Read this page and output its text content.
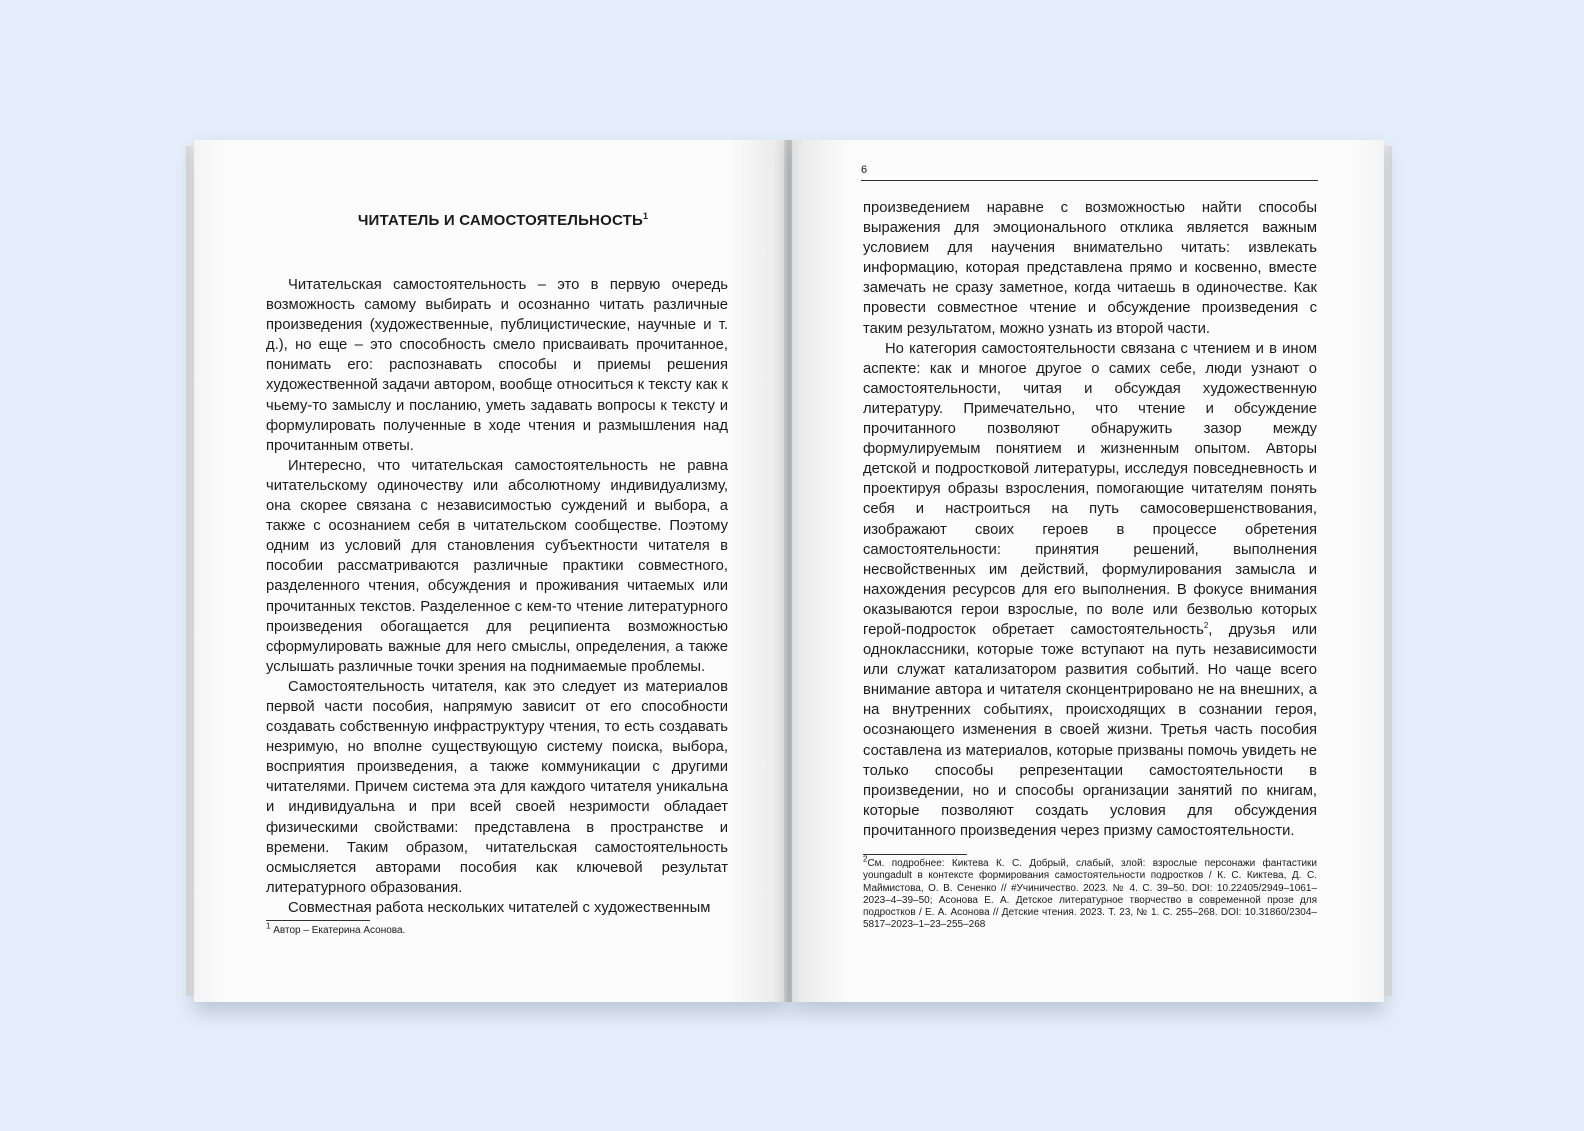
ЧИТАТЕЛЬ И САМОСТОЯТЕЛЬНОСТЬ$^1$

Читательская самостоятельность – это в первую очередь возможность самому выбирать и осознанно читать различные произведения (художественные, публицистические, научные и т. д.), но еще – это способность смело присваивать прочитанное, понимать его: распознавать способы и приемы решения художественной задачи автором, вообще относиться к тексту как к чьему-то замыслу и посланию, уметь задавать вопросы к тексту и формулировать полученные в ходе чтения и размышления над прочитанным ответы.

Интересно, что читательская самостоятельность не равна читательскому одиночеству или абсолютному индивидуализму, она скорее связана с независимостью суждений и выбора, а также с осознанием себя в читательском сообществе. Поэтому одним из условий для становления субъектности читателя в пособии рассматриваются различные практики совместного, разделенного чтения, обсуждения и проживания читаемых или прочитанных текстов. Разделенное с кем-то чтение литературного произведения обогащается для реципиента возможностью сформулировать важные для него смыслы, определения, а также услышать различные точки зрения на поднимаемые проблемы.

Самостоятельность читателя, как это следует из материалов первой части пособия, напрямую зависит от его способности создавать собственную инфраструктуру чтения, то есть создавать незримую, но вполне существующую систему поиска, выбора, восприятия произведения, а также коммуникации с другими читателями. Причем система эта для каждого читателя уникальна и индивидуальна и при всей своей незримости обладает физическими свойствами: представлена в пространстве и времени. Таким образом, читательская самостоятельность осмысляется авторами пособия как ключевой результат литературного образования.

Совместная работа нескольких читателей с художественным

$^1$ Автор – Екатерина Асонова.
6

произведением наравне с возможностью найти способы выражения для эмоционального отклика является важным условием для научения внимательно читать: извлекать информацию, которая представлена прямо и косвенно, вместе замечать не сразу заметное, когда читаешь в одиночестве. Как провести совместное чтение и обсуждение произведения с таким результатом, можно узнать из второй части.

Но категория самостоятельности связана с чтением и в ином аспекте: как и многое другое о самих себе, люди узнают о самостоятельности, читая и обсуждая художественную литературу. Примечательно, что чтение и обсуждение прочитанного позволяют обнаружить зазор между формулируемым понятием и жизненным опытом. Авторы детской и подростковой литературы, исследуя повседневность и проектируя образы взросления, помогающие читателям понять себя и настроиться на путь самосовершенствования, изображают своих героев в процессе обретения самостоятельности: принятия решений, выполнения несвойственных им действий, формулирования замысла и нахождения ресурсов для его выполнения. В фокусе внимания оказываются герои взрослые, по воле или безволью которых герой-подросток обретает самостоятельность$^2$, друзья или одноклассники, которые тоже вступают на путь независимости или служат катализатором развития событий. Но чаще всего внимание автора и читателя сконцентрировано не на внешних, а на внутренних событиях, происходящих в сознании героя, осознающего изменения в своей жизни. Третья часть пособия составлена из материалов, которые призваны помочь увидеть не только способы репрезентации самостоятельности в произведении, но и способы организации занятий по книгам, которые позволяют создать условия для обсуждения прочитанного произведения через призму самостоятельности.

$^2$См. подробнее: Киктева К. С. Добрый, слабый, злой: взрослые персонажи фантастики youngadult в контексте формирования самостоятельности подростков / К. С. Киктева, Д. С. Маймистова, О. В. Сененко // #Учиничество. 2023. № 4. С. 39–50. DOI: 10.22405/2949–1061–2023–4–39–50; Асонова Е. А. Детское литературное творчество в современной прозе для подростков / Е. А. Асонова // Детские чтения. 2023. Т. 23, № 1. С. 255–268. DOI: 10.31860/2304–5817–2023–1–23–255–268
